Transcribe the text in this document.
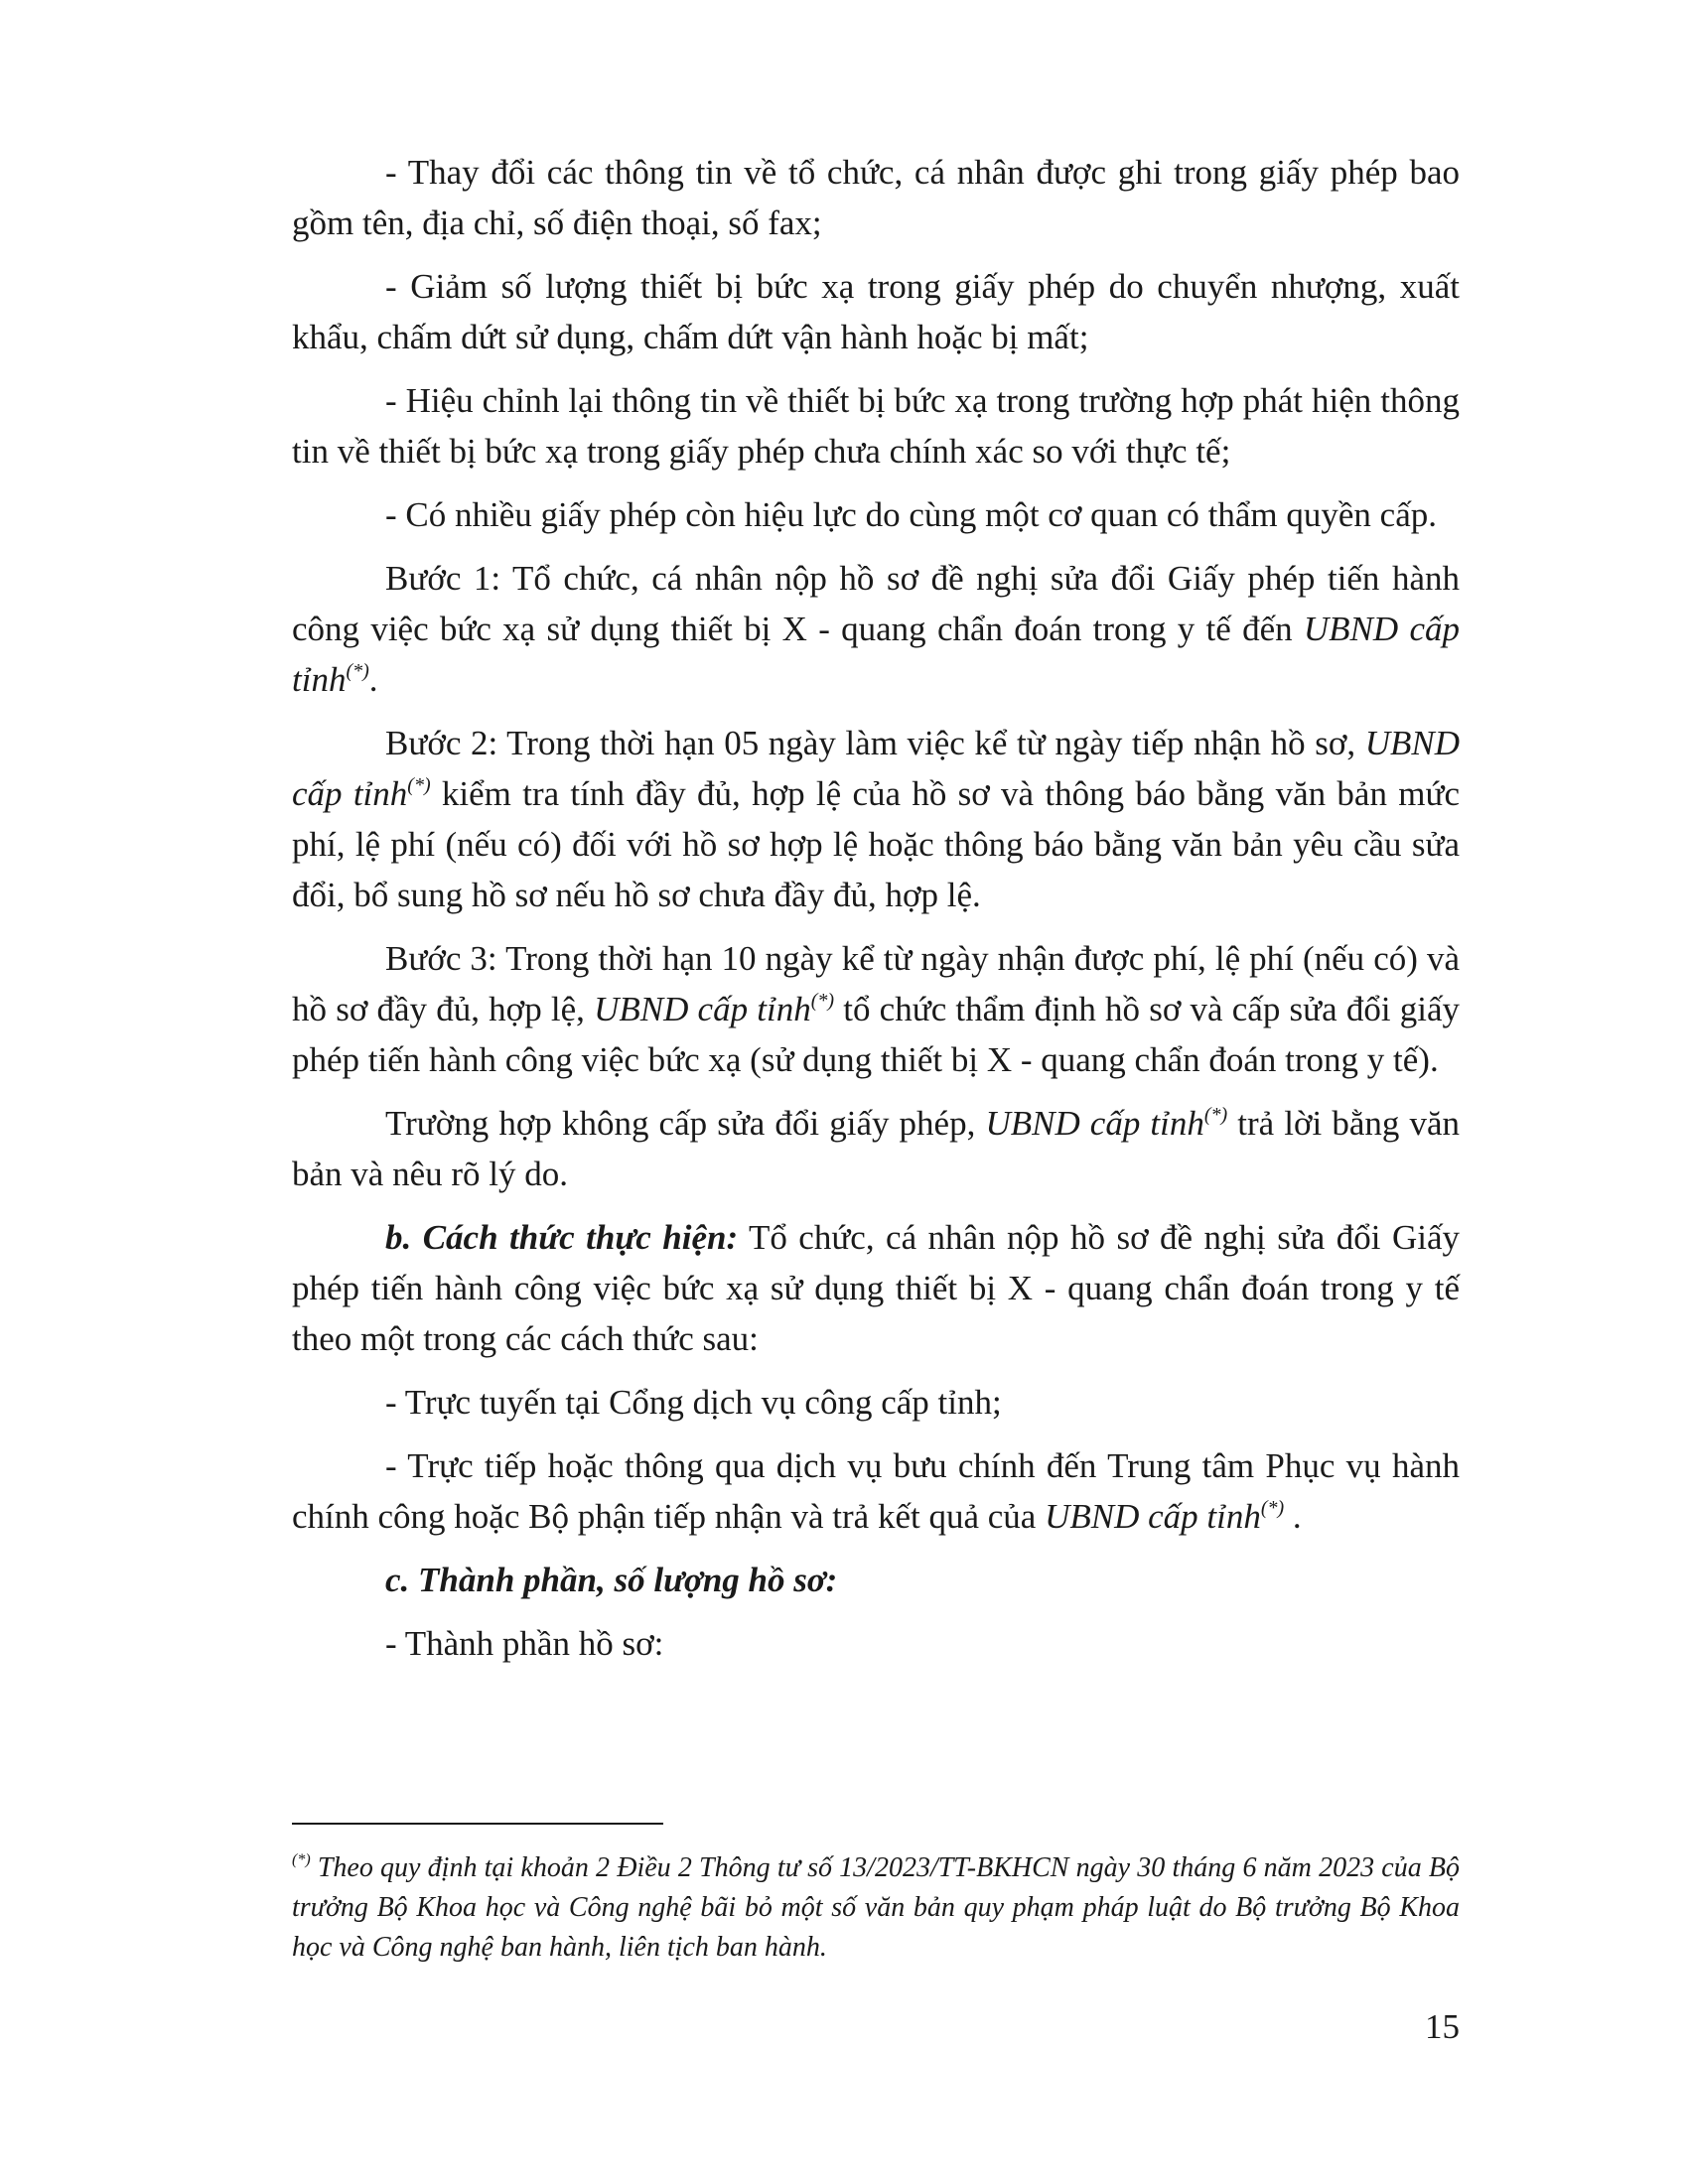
- Thay đổi các thông tin về tổ chức, cá nhân được ghi trong giấy phép bao gồm tên, địa chỉ, số điện thoại, số fax;

- Giảm số lượng thiết bị bức xạ trong giấy phép do chuyển nhượng, xuất khẩu, chấm dứt sử dụng, chấm dứt vận hành hoặc bị mất;

- Hiệu chỉnh lại thông tin về thiết bị bức xạ trong trường hợp phát hiện thông tin về thiết bị bức xạ trong giấy phép chưa chính xác so với thực tế;

- Có nhiều giấy phép còn hiệu lực do cùng một cơ quan có thẩm quyền cấp.

Bước 1: Tổ chức, cá nhân nộp hồ sơ đề nghị sửa đổi Giấy phép tiến hành công việc bức xạ sử dụng thiết bị X - quang chẩn đoán trong y tế đến UBND cấp tỉnh(*).

Bước 2: Trong thời hạn 05 ngày làm việc kể từ ngày tiếp nhận hồ sơ, UBND cấp tỉnh(*) kiểm tra tính đầy đủ, hợp lệ của hồ sơ và thông báo bằng văn bản mức phí, lệ phí (nếu có) đối với hồ sơ hợp lệ hoặc thông báo bằng văn bản yêu cầu sửa đổi, bổ sung hồ sơ nếu hồ sơ chưa đầy đủ, hợp lệ.

Bước 3: Trong thời hạn 10 ngày kể từ ngày nhận được phí, lệ phí (nếu có) và hồ sơ đầy đủ, hợp lệ, UBND cấp tỉnh(*) tổ chức thẩm định hồ sơ và cấp sửa đổi giấy phép tiến hành công việc bức xạ (sử dụng thiết bị X - quang chẩn đoán trong y tế).

Trường hợp không cấp sửa đổi giấy phép, UBND cấp tỉnh(*) trả lời bằng văn bản và nêu rõ lý do.

b. Cách thức thực hiện: Tổ chức, cá nhân nộp hồ sơ đề nghị sửa đổi Giấy phép tiến hành công việc bức xạ sử dụng thiết bị X - quang chẩn đoán trong y tế theo một trong các cách thức sau:

- Trực tuyến tại Cổng dịch vụ công cấp tỉnh;

- Trực tiếp hoặc thông qua dịch vụ bưu chính đến Trung tâm Phục vụ hành chính công hoặc Bộ phận tiếp nhận và trả kết quả của UBND cấp tỉnh(*) .

c. Thành phần, số lượng hồ sơ:

- Thành phần hồ sơ:

(*) Theo quy định tại khoản 2 Điều 2 Thông tư số 13/2023/TT-BKHCN ngày 30 tháng 6 năm 2023 của Bộ trưởng Bộ Khoa học và Công nghệ bãi bỏ một số văn bản quy phạm pháp luật do Bộ trưởng Bộ Khoa học và Công nghệ ban hành, liên tịch ban hành.
15
